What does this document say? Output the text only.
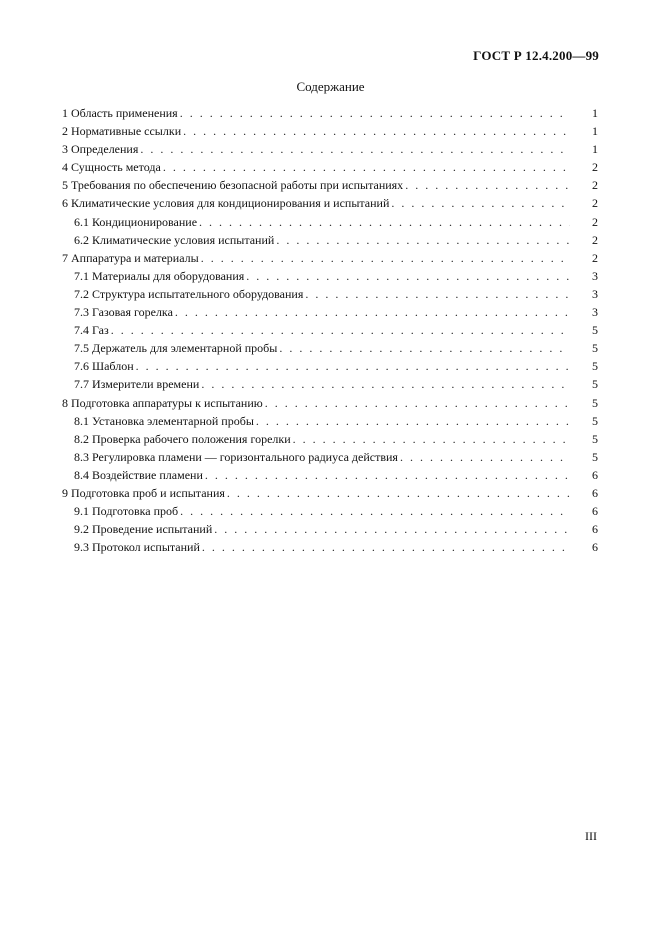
ГОСТ Р 12.4.200—99
Содержание
1 Область применения . . .	1
2 Нормативные ссылки . . .	1
3 Определения . . .	1
4 Сущность метода . . .	2
5 Требования по обеспечению безопасной работы при испытаниях . . .	2
6 Климатические условия для кондиционирования и испытаний . . .	2
6.1 Кондиционирование . . .	2
6.2 Климатические условия испытаний . . .	2
7 Аппаратура и материалы . . .	2
7.1 Материалы для оборудования . . .	3
7.2 Структура испытательного оборудования . . .	3
7.3 Газовая горелка . . .	3
7.4 Газ . . .	5
7.5 Держатель для элементарной пробы . . .	5
7.6 Шаблон . . .	5
7.7 Измерители времени . . .	5
8 Подготовка аппаратуры к испытанию . . .	5
8.1 Установка элементарной пробы . . .	5
8.2 Проверка рабочего положения горелки . . .	5
8.3 Регулировка пламени — горизонтального радиуса действия . . .	5
8.4 Воздействие пламени . . .	6
9 Подготовка проб и испытания . . .	6
9.1 Подготовка проб . . .	6
9.2 Проведение испытаний . . .	6
9.3 Протокол испытаний . . .	6
III
